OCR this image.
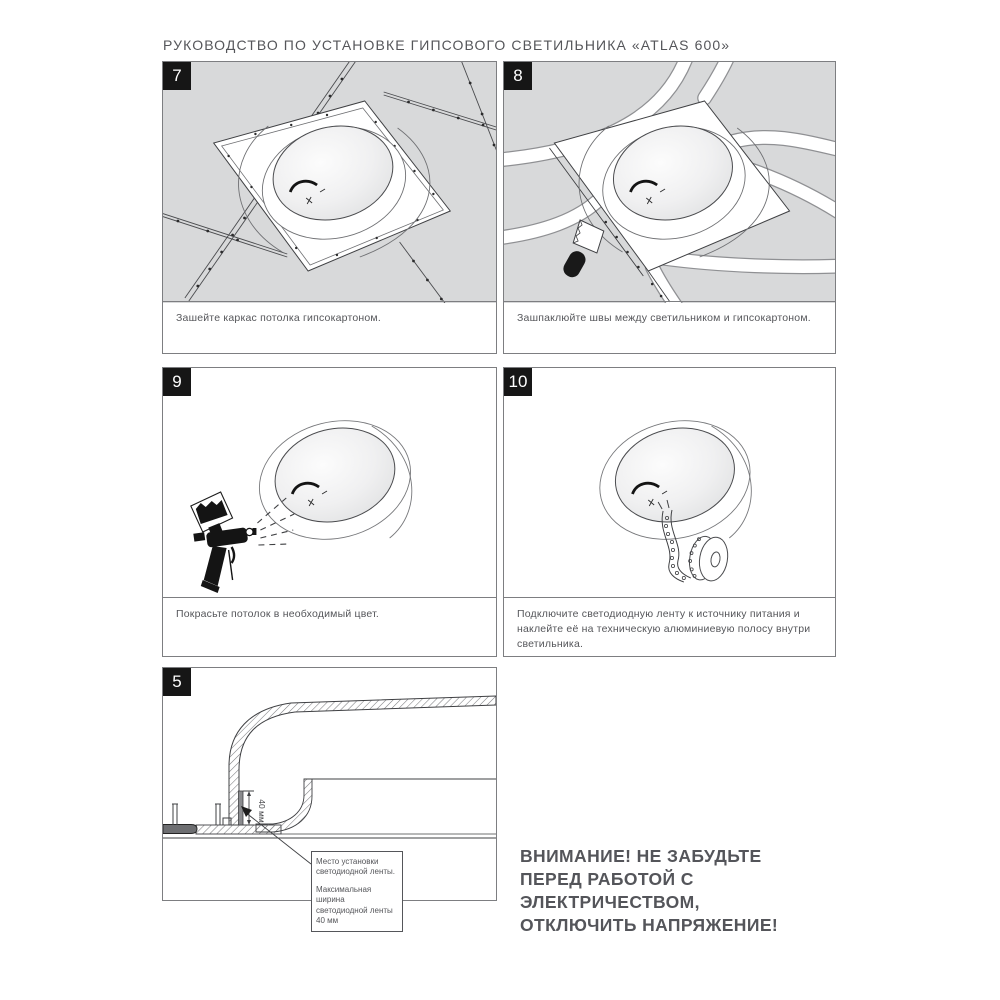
РУКОВОДСТВО ПО УСТАНОВКЕ ГИПСОВОГО СВЕТИЛЬНИКА «ATLAS 600»
7
Зашейте каркас потолка гипсокартоном.
8
Зашпаклюйте швы между светильником и гипсокартоном.
9
Покрасьте потолок в необходимый цвет.
10
Подключите светодиодную ленту к источнику питания и наклейте её на техническую алюминиевую полосу внутри светильника.
5
40 мм

Место установки светодиодной ленты.

Максимальная ширина светодиодной ленты 40 мм

ВНИМАНИЕ! НЕ ЗАБУДЬТЕ
ПЕРЕД РАБОТОЙ С ЭЛЕКТРИЧЕСТВОМ,
ОТКЛЮЧИТЬ НАПРЯЖЕНИЕ!
